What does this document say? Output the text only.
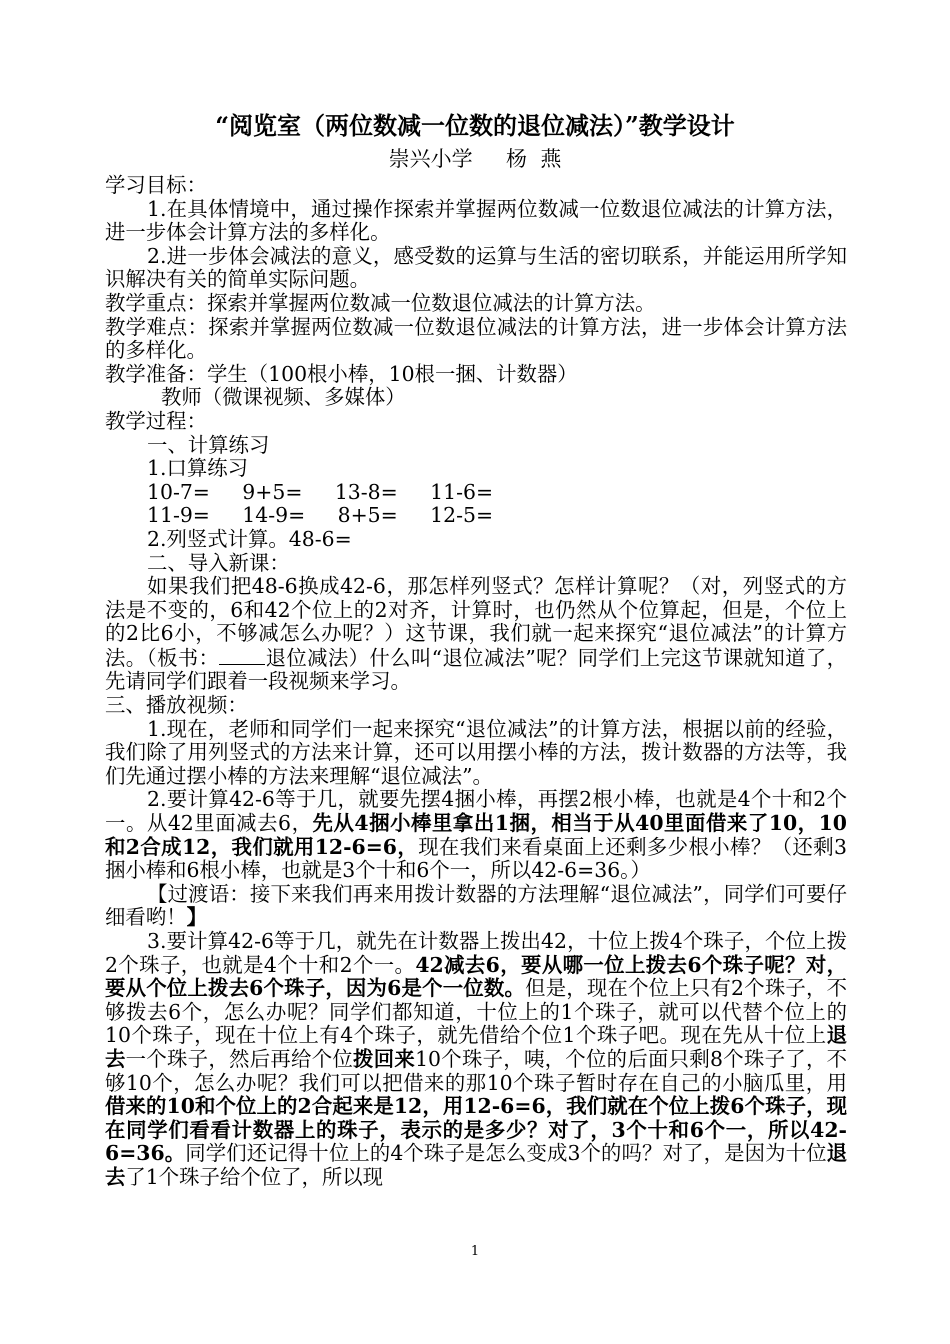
“阅览室（两位数减一位数的退位减法）”教学设计
崇兴小学     杨  燕

学习目标：

1.在具体情境中，通过操作探索并掌握两位数减一位数退位减法的计算方法，进一步体会计算方法的多样化。

2.进一步体会减法的意义，感受数的运算与生活的密切联系，并能运用所学知识解决有关的简单实际问题。

教学重点：探索并掌握两位数减一位数退位减法的计算方法。

教学难点：探索并掌握两位数减一位数退位减法的计算方法，进一步体会计算方法的多样化。

教学准备：学生（100根小棒，10根一捆、计数器）

教师（微课视频、多媒体）

教学过程：

一、计算练习

1.口算练习

10-7=     9+5=     13-8=     11-6=

11-9=     14-9=     8+5=     12-5=

2.列竖式计算。48-6=

二、导入新课：

如果我们把48-6换成42-6，那怎样列竖式？怎样计算呢？（对，列竖式的方法是不变的，6和42个位上的2对齐，计算时，也仍然从个位算起，但是，个位上的2比6小，不够减怎么办呢？）这节课，我们就一起来探究“退位减法”的计算方法。（板书： 退位减法）什么叫“退位减法”呢？同学们上完这节课就知道了，先请同学们跟着一段视频来学习。

三、播放视频：

1.现在，老师和同学们一起来探究“退位减法”的计算方法，根据以前的经验，我们除了用列竖式的方法来计算，还可以用摆小棒的方法，拨计数器的方法等，我们先通过摆小棒的方法来理解“退位减法”。

2.要计算42-6等于几，就要先摆4捆小棒，再摆2根小棒，也就是4个十和2个一。从42里面减去6，先从4捆小棒里拿出1捆，相当于从40里面借来了10，10和2合成12，我们就用12-6=6，现在我们来看桌面上还剩多少根小棒？（还剩3捆小棒和6根小棒，也就是3个十和6个一，所以42-6=36。）

【过渡语：接下来我们再来用拨计数器的方法理解“退位减法”，同学们可要仔细看哟！】

3.要计算42-6等于几，就先在计数器上拨出42，十位上拨4个珠子，个位上拨2个珠子，也就是4个十和2个一。42减去6，要从哪一位上拨去6个珠子呢？对，要从个位上拨去6个珠子，因为6是个一位数。但是，现在个位上只有2个珠子，不够拨去6个，怎么办呢？同学们都知道，十位上的1个珠子，就可以代替个位上的10个珠子，现在十位上有4个珠子，就先借给个位1个珠子吧。现在先从十位上退去一个珠子，然后再给个位拨回来10个珠子，咦，个位的后面只剩8个珠子了，不够10个，怎么办呢？我们可以把借来的那10个珠子暂时存在自己的小脑瓜里，用借来的10和个位上的2合起来是12，用12-6=6，我们就在个位上拨6个珠子，现在同学们看看计数器上的珠子，表示的是多少？对了，3个十和6个一，所以42-6=36。同学们还记得十位上的4个珠子是怎么变成3个的吗？对了，是因为十位退去了1个珠子给个位了，所以现

1
